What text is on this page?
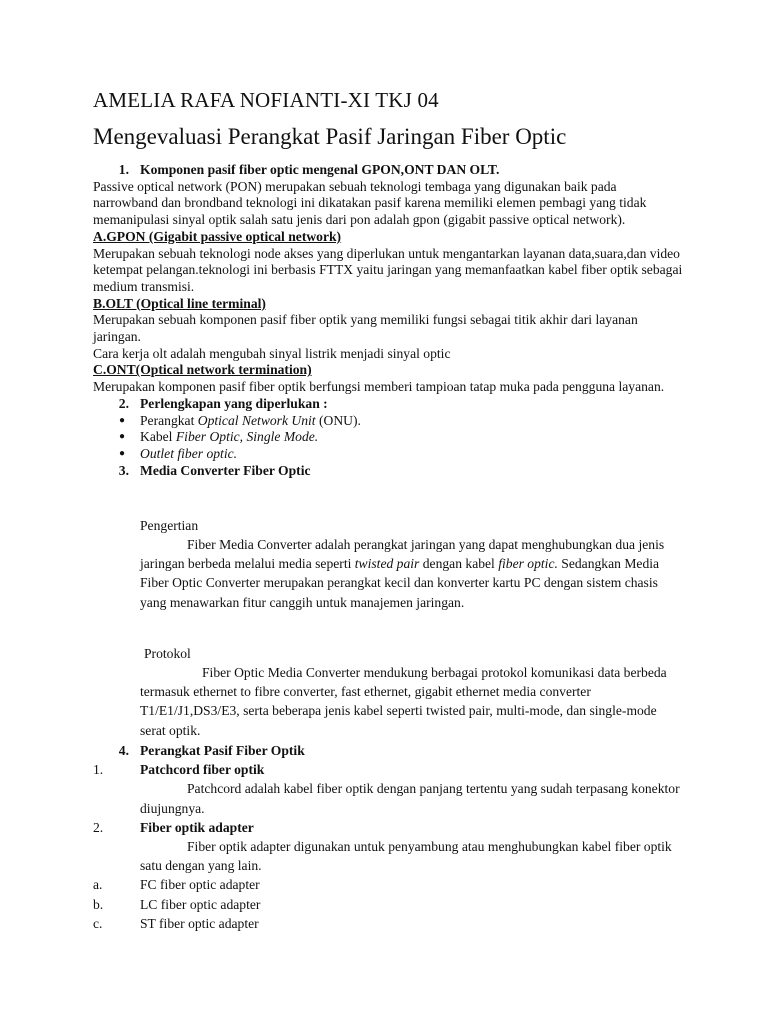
AMELIA RAFA NOFIANTI-XI TKJ 04
Mengevaluasi Perangkat Pasif Jaringan Fiber Optic
1. Komponen pasif fiber optic mengenal GPON,ONT DAN OLT.

Passive optical network (PON) merupakan sebuah teknologi tembaga yang digunakan baik pada narrowband dan brondband teknologi ini dikatakan pasif karena memiliki elemen pembagi yang tidak memanipulasi sinyal optik salah satu jenis dari pon adalah gpon (gigabit passive optical network).

A.GPON (Gigabit passive optical network)

Merupakan sebuah teknologi node akses yang diperlukan untuk mengantarkan layanan data,suara,dan video ketempat pelangan.teknologi ini berbasis FTTX yaitu jaringan yang memanfaatkan kabel fiber optik sebagai medium transmisi.

B.OLT (Optical line terminal)

Merupakan sebuah komponen pasif fiber optik yang memiliki fungsi sebagai titik akhir dari layanan jaringan.

Cara kerja olt adalah mengubah sinyal listrik menjadi sinyal optic

C.ONT(Optical network termination)

Merupakan komponen pasif fiber optik berfungsi memberi tampioan tatap muka pada pengguna layanan.

2. Perlengkapan yang diperlukan :
●	Perangkat Optical Network Unit (ONU).
●	Kabel Fiber Optic, Single Mode.
●	Outlet fiber optic.
3. Media Converter Fiber Optic

Pengertian

Fiber Media Converter adalah perangkat jaringan yang dapat menghubungkan dua jenis jaringan berbeda melalui media seperti twisted pair dengan kabel fiber optic. Sedangkan Media Fiber Optic Converter merupakan perangkat kecil dan konverter kartu PC dengan sistem chasis yang menawarkan fitur canggih untuk manajemen jaringan.

Protokol

Fiber Optic Media Converter mendukung berbagai protokol komunikasi data berbeda termasuk ethernet to fibre converter, fast ethernet, gigabit ethernet media converter T1/E1/J1,DS3/E3, serta beberapa jenis kabel seperti twisted pair, multi-mode, dan single-mode serat optik.

4. Perangkat Pasif Fiber Optik
1.	Patchcord fiber optik

Patchcord adalah kabel fiber optik dengan panjang tertentu yang sudah terpasang konektor diujungnya.

2.	Fiber optik adapter

Fiber optik adapter digunakan untuk penyambung atau menghubungkan kabel fiber optik satu dengan yang lain.

a.	FC fiber optic adapter
b.	LC fiber optic adapter
c.	ST fiber optic adapter
